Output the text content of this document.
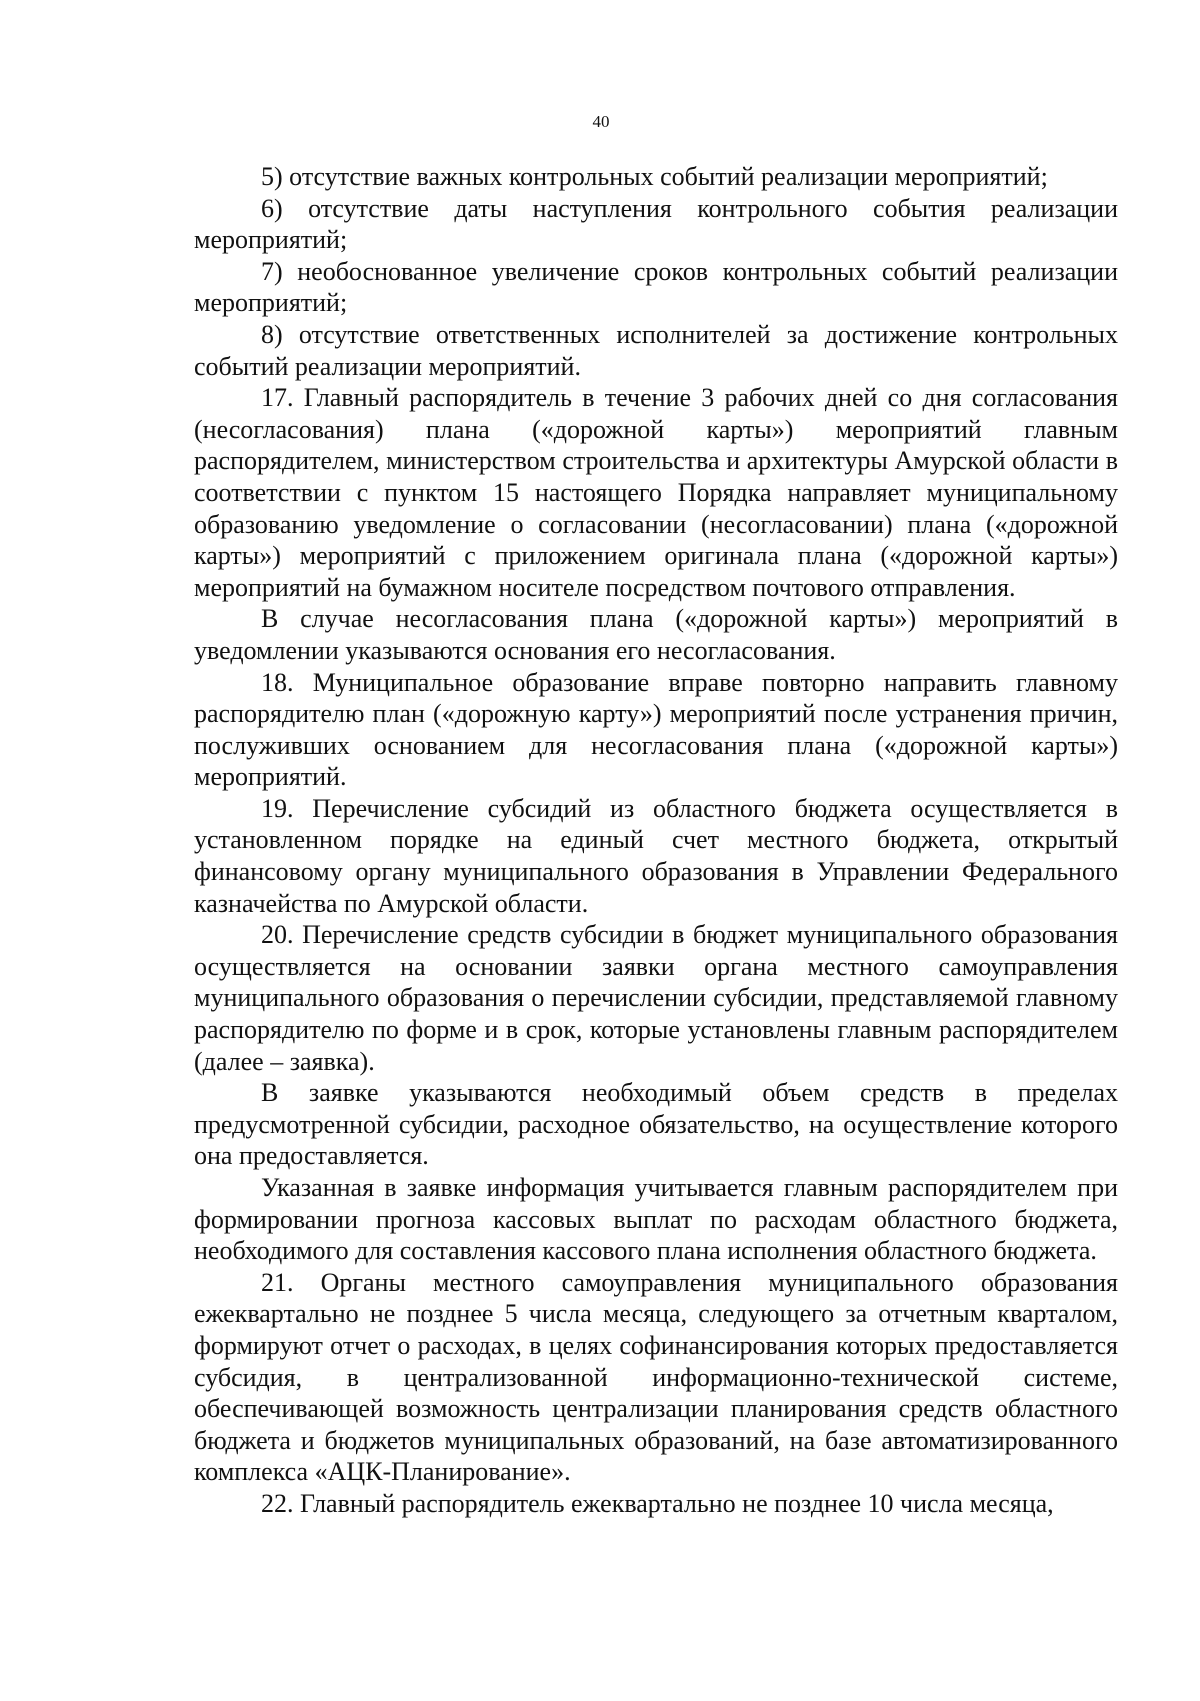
40

5) отсутствие важных контрольных событий реализации мероприятий;

6) отсутствие даты наступления контрольного события реализации мероприятий;

7) необоснованное увеличение сроков контрольных событий реализации мероприятий;

8) отсутствие ответственных исполнителей за достижение контрольных событий реализации мероприятий.

17. Главный распорядитель в течение 3 рабочих дней со дня согласования (несогласования) плана («дорожной карты») мероприятий главным распорядителем, министерством строительства и архитектуры Амурской области в соответствии с пунктом 15 настоящего Порядка направляет муниципальному образованию уведомление о согласовании (несогласовании) плана («дорожной карты») мероприятий с приложением оригинала плана («дорожной карты») мероприятий на бумажном носителе посредством почтового отправления.

В случае несогласования плана («дорожной карты») мероприятий в уведомлении указываются основания его несогласования.

18. Муниципальное образование вправе повторно направить главному распорядителю план («дорожную карту») мероприятий после устранения причин, послуживших основанием для несогласования плана («дорожной карты») мероприятий.

19. Перечисление субсидий из областного бюджета осуществляется в установленном порядке на единый счет местного бюджета, открытый финансовому органу муниципального образования в Управлении Федерального казначейства по Амурской области.

20. Перечисление средств субсидии в бюджет муниципального образования осуществляется на основании заявки органа местного самоуправления муниципального образования о перечислении субсидии, представляемой главному распорядителю по форме и в срок, которые установлены главным распорядителем (далее – заявка).

В заявке указываются необходимый объем средств в пределах предусмотренной субсидии, расходное обязательство, на осуществление которого она предоставляется.

Указанная в заявке информация учитывается главным распорядителем при формировании прогноза кассовых выплат по расходам областного бюджета, необходимого для составления кассового плана исполнения областного бюджета.

21. Органы местного самоуправления муниципального образования ежеквартально не позднее 5 числа месяца, следующего за отчетным кварталом, формируют отчет о расходах, в целях софинансирования которых предоставляется субсидия, в централизованной информационно-технической системе, обеспечивающей возможность централизации планирования средств областного бюджета и бюджетов муниципальных образований, на базе автоматизированного комплекса «АЦК-Планирование».

22. Главный распорядитель ежеквартально не позднее 10 числа месяца,
